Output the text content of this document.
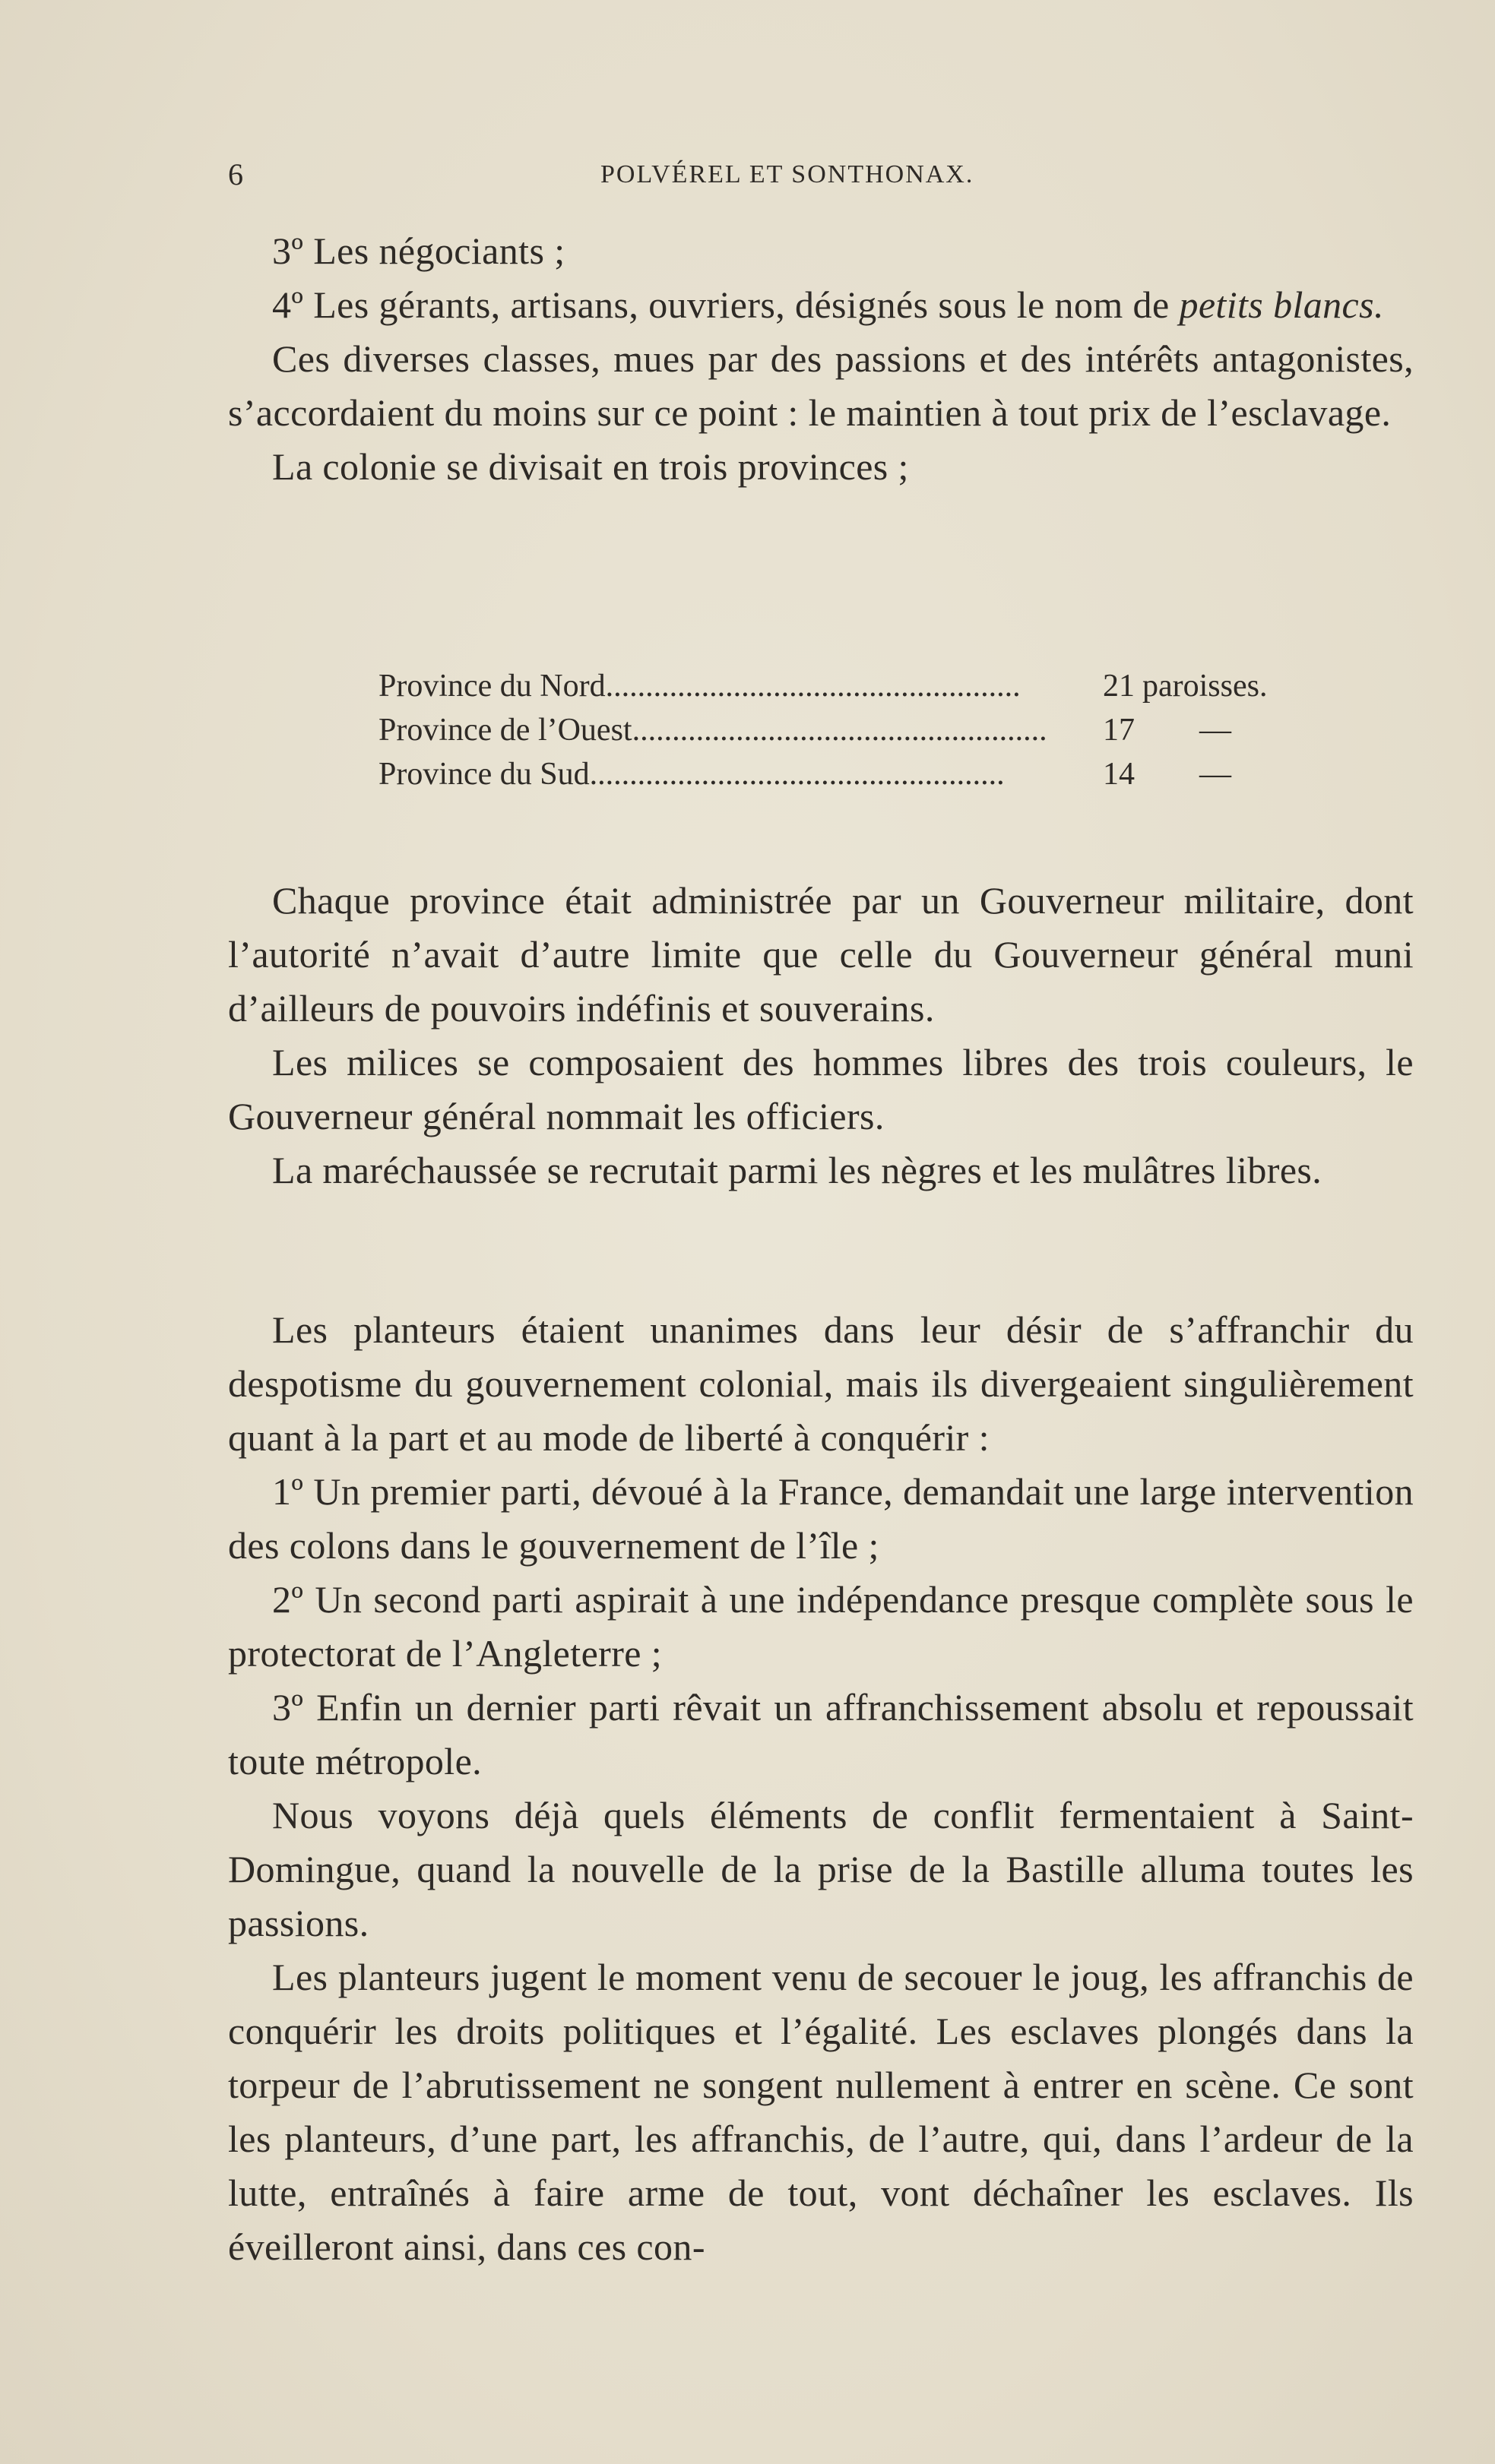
6	POLVÉREL ET SONTHONAX.

3º Les négociants ;

4º Les gérants, artisans, ouvriers, désignés sous le nom de petits blancs.

Ces diverses classes, mues par des passions et des intérêts antagonistes, s’accordaient du moins sur ce point : le maintien à tout prix de l’esclavage.

La colonie se divisait en trois provinces ;

Province du Nord....................................................	21 paroisses.
Province de l’Ouest....................................................	17 —
Province du Sud....................................................	14 —

Chaque province était administrée par un Gouverneur militaire, dont l’autorité n’avait d’autre limite que celle du Gouverneur général muni d’ailleurs de pouvoirs indéfinis et souverains.

Les milices se composaient des hommes libres des trois couleurs, le Gouverneur général nommait les officiers.

La maréchaussée se recrutait parmi les nègres et les mulâtres libres.

Les planteurs étaient unanimes dans leur désir de s’affranchir du despotisme du gouvernement colonial, mais ils divergeaient singulièrement quant à la part et au mode de liberté à conquérir :

1º Un premier parti, dévoué à la France, demandait une large intervention des colons dans le gouvernement de l’île ;

2º Un second parti aspirait à une indépendance presque complète sous le protectorat de l’Angleterre ;

3º Enfin un dernier parti rêvait un affranchissement absolu et repoussait toute métropole.

Nous voyons déjà quels éléments de conflit fermentaient à Saint-Domingue, quand la nouvelle de la prise de la Bastille alluma toutes les passions.

Les planteurs jugent le moment venu de secouer le joug, les affranchis de conquérir les droits politiques et l’égalité. Les esclaves plongés dans la torpeur de l’abrutissement ne songent nullement à entrer en scène. Ce sont les planteurs, d’une part, les affranchis, de l’autre, qui, dans l’ardeur de la lutte, entraînés à faire arme de tout, vont déchaîner les esclaves. Ils éveilleront ainsi, dans ces con-
